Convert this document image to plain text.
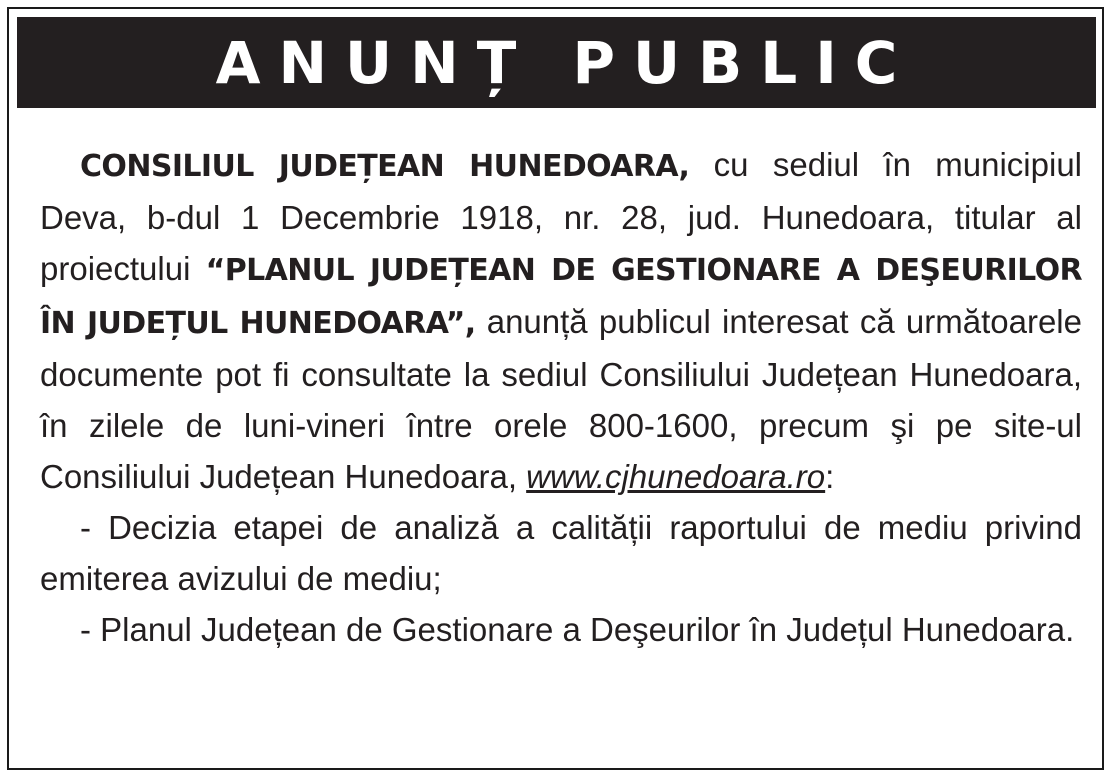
ANUNȚ PUBLIC

CONSILIUL JUDEȚEAN HUNEDOARA, cu sediul în municipiul Deva, b-dul 1 Decembrie 1918, nr. 28, jud. Hunedoara, titular al proiectului “PLANUL JUDEȚEAN DE GESTIONARE A DEŞEURILOR ÎN JUDEȚUL HUNEDOARA”, anunță publicul interesat că următoarele documente pot fi consultate la sediul Consiliului Județean Hunedoara, în zilele de luni-vineri între orele 800-1600, precum şi pe site-ul Consiliului Județean Hunedoara, www.cjhunedoara.ro:

- Decizia etapei de analiză a calității raportului de mediu privind emiterea avizului de mediu;

- Planul Județean de Gestionare a Deşeurilor în Județul Hunedoara.
